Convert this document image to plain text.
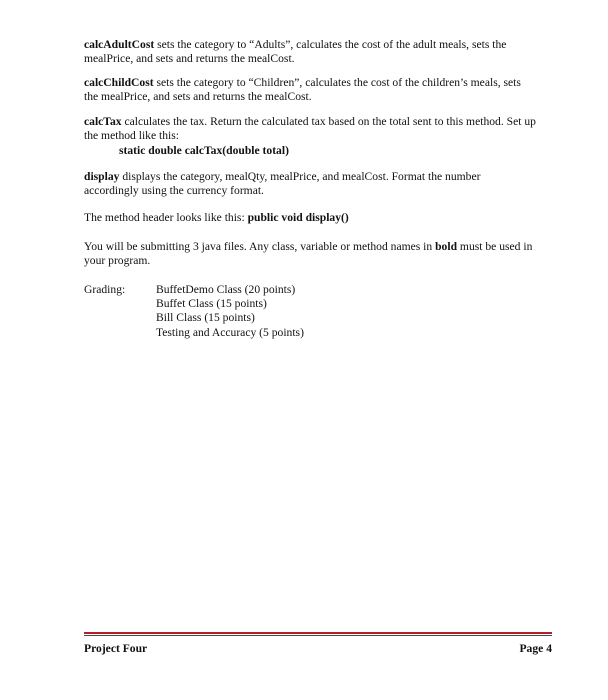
calcAdultCost sets the category to “Adults”, calculates the cost of the adult meals, sets the mealPrice, and sets and returns the mealCost.

calcChildCost sets the category to “Children”, calculates the cost of the children’s meals, sets the mealPrice, and sets and returns the mealCost.

calcTax calculates the tax. Return the calculated tax based on the total sent to this method. Set up the method like this:

static double calcTax(double total)

display displays the category, mealQty, mealPrice, and mealCost. Format the number accordingly using the currency format.

The method header looks like this: public void display()

You will be submitting 3 java files. Any class, variable or method names in bold must be used in your program.

Grading:	BuffetDemo Class (20 points)
Buffet Class (15 points)
Bill Class (15 points)
Testing and Accuracy (5 points)
Project Four	Page 4
